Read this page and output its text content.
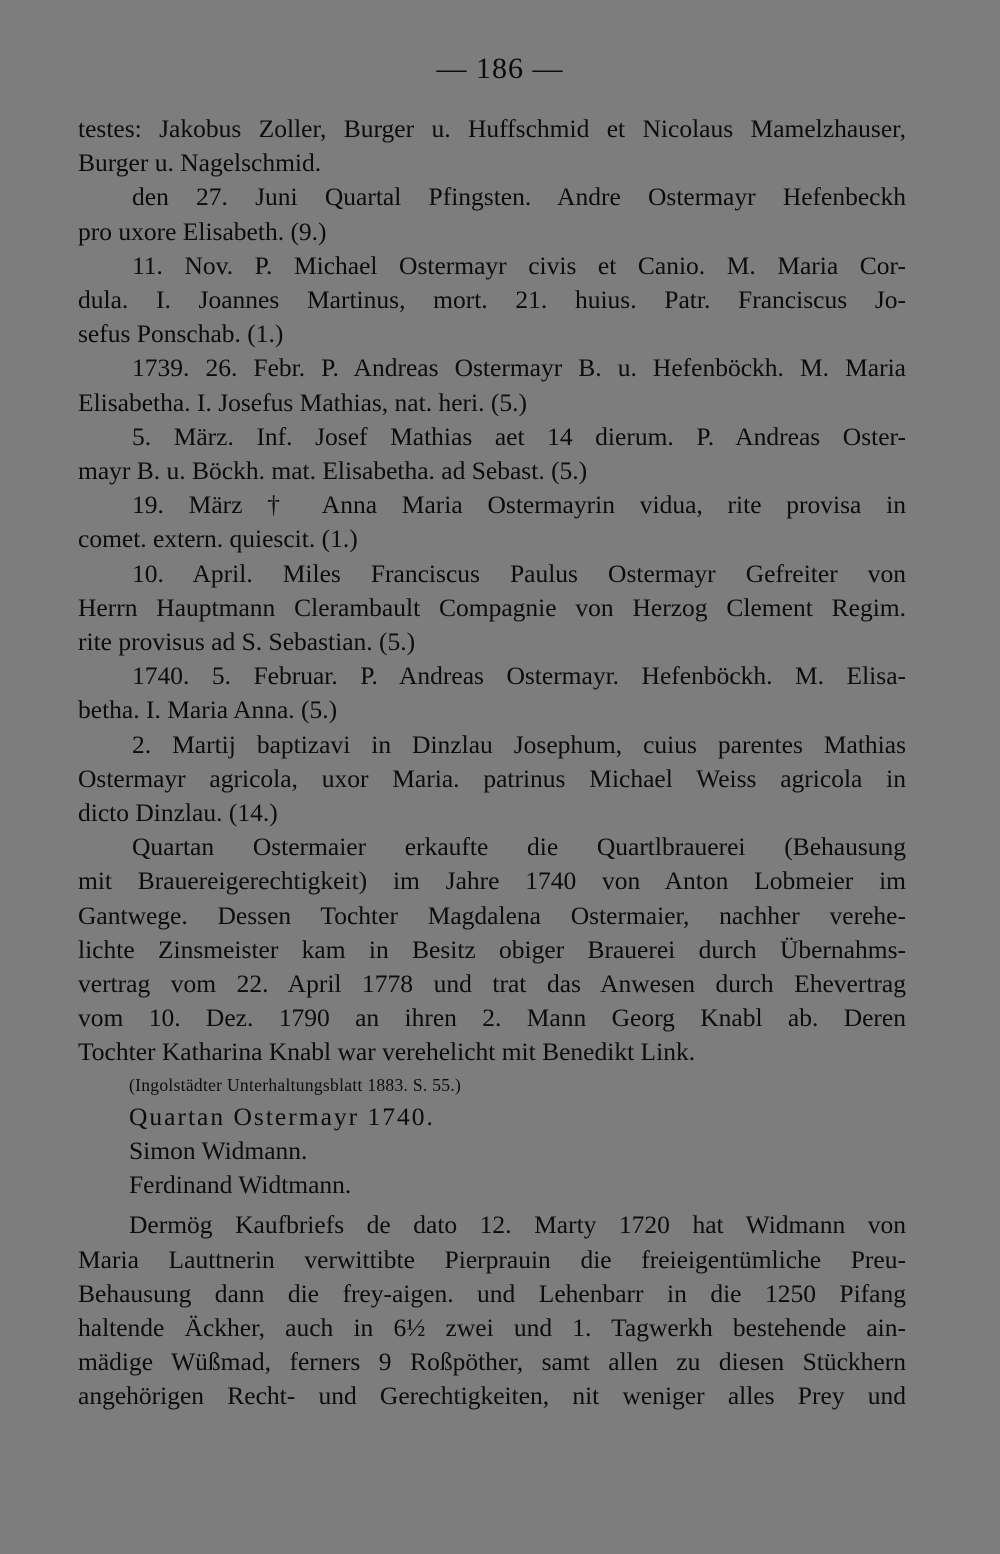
— 186 —
testes: Jakobus Zoller, Burger u. Huffschmid et Nicolaus Mamelzhauser,
Burger u. Nagelschmid.
den 27. Juni Quartal Pfingsten. Andre Ostermayr Hefenbeckh
pro uxore Elisabeth. (9.)
11. Nov. P. Michael Ostermayr civis et Canio. M. Maria Cor-
dula. I. Joannes Martinus, mort. 21. huius. Patr. Franciscus Jo-
sefus Ponschab. (1.)
1739. 26. Febr. P. Andreas Ostermayr B. u. Hefenböckh. M. Maria
Elisabetha. I. Josefus Mathias, nat. heri. (5.)
5. März. Inf. Josef Mathias aet 14 dierum. P. Andreas Oster-
mayr B. u. Böckh. mat. Elisabetha. ad Sebast. (5.)
19. März † Anna Maria Ostermayrin vidua, rite provisa in
comet. extern. quiescit. (1.)
10. April. Miles Franciscus Paulus Ostermayr Gefreiter von
Herrn Hauptmann Clerambault Compagnie von Herzog Clement Regim.
rite provisus ad S. Sebastian. (5.)
1740. 5. Februar. P. Andreas Ostermayr. Hefenböckh. M. Elisa-
betha. I. Maria Anna. (5.)
2. Martij baptizavi in Dinzlau Josephum, cuius parentes Mathias
Ostermayr agricola, uxor Maria. patrinus Michael Weiss agricola in
dicto Dinzlau. (14.)
Quartan Ostermaier erkaufte die Quartlbrauerei (Behausung
mit Brauereigerechtigkeit) im Jahre 1740 von Anton Lobmeier im
Gantwege. Dessen Tochter Magdalena Ostermaier, nachher verehe-
lichte Zinsmeister kam in Besitz obiger Brauerei durch Übernahms-
vertrag vom 22. April 1778 und trat das Anwesen durch Ehevertrag
vom 10. Dez. 1790 an ihren 2. Mann Georg Knabl ab. Deren
Tochter Katharina Knabl war verehelicht mit Benedikt Link.
(Ingolstädter Unterhaltungsblatt 1883. S. 55.)
Quartan Ostermayr 1740.
Simon Widmann.
Ferdinand Widtmann.
Dermög Kaufbriefs de dato 12. Marty 1720 hat Widmann von
Maria Lauttnerin verwittibte Pierprauin die freieigentümliche Preu-
Behausung dann die frey-aigen. und Lehenbarr in die 1250 Pifang
haltende Äckher, auch in 6½ zwei und 1. Tagwerkh bestehende ain-
mädige Wüßmad, ferners 9 Roßpöther, samt allen zu diesen Stückhern
angehörigen Recht- und Gerechtigkeiten, nit weniger alles Prey und
